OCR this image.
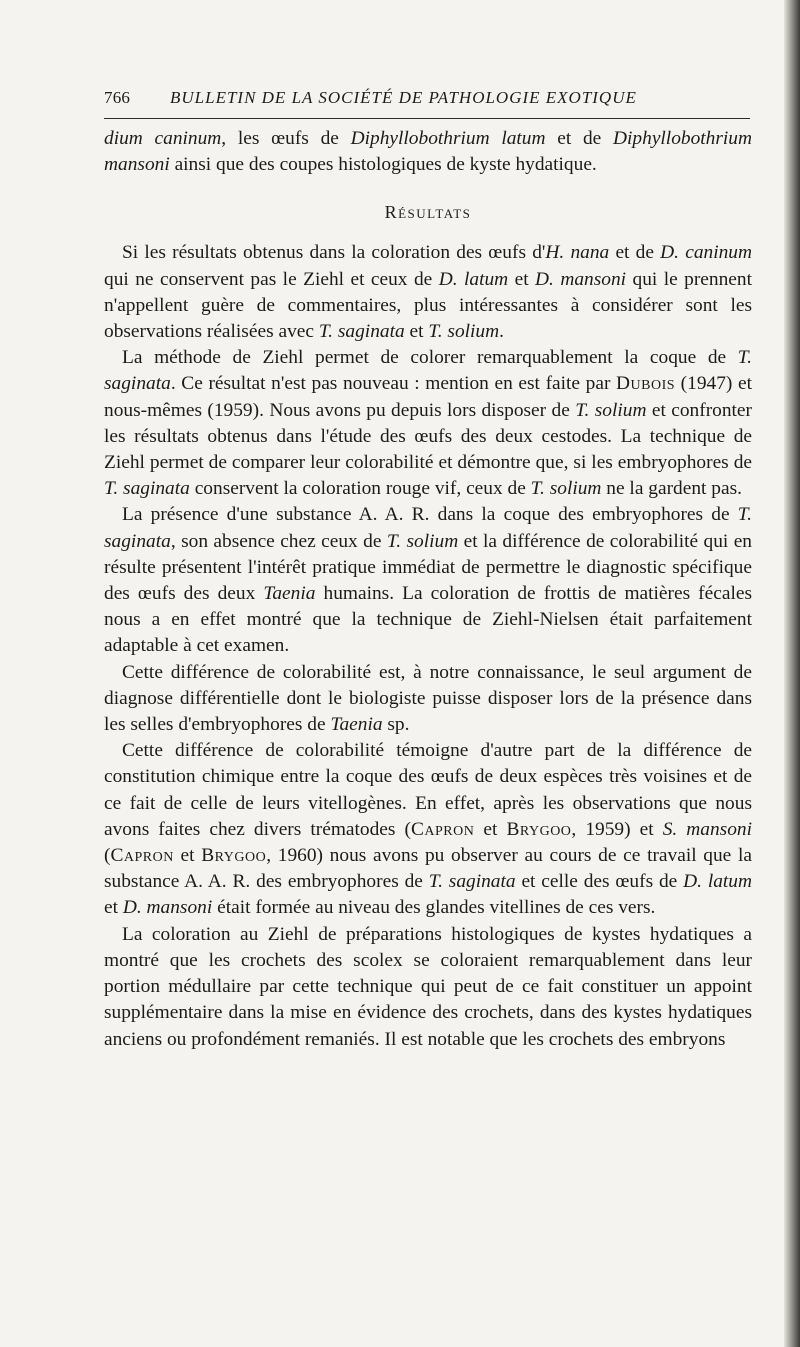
766	BULLETIN DE LA SOCIÉTÉ DE PATHOLOGIE EXOTIQUE

dium caninum, les œufs de Diphyllobothrium latum et de Diphyllobothrium mansoni ainsi que des coupes histologiques de kyste hydatique.

Résultats

Si les résultats obtenus dans la coloration des œufs d'H. nana et de D. caninum qui ne conservent pas le Ziehl et ceux de D. latum et D. mansoni qui le prennent n'appellent guère de commentaires, plus intéressantes à considérer sont les observations réalisées avec T. saginata et T. solium.

La méthode de Ziehl permet de colorer remarquablement la coque de T. saginata. Ce résultat n'est pas nouveau : mention en est faite par Dubois (1947) et nous-mêmes (1959). Nous avons pu depuis lors disposer de T. solium et confronter les résultats obtenus dans l'étude des œufs des deux cestodes. La technique de Ziehl permet de comparer leur colorabilité et démontre que, si les embryophores de T. saginata conservent la coloration rouge vif, ceux de T. solium ne la gardent pas.

La présence d'une substance A. A. R. dans la coque des embryophores de T. saginata, son absence chez ceux de T. solium et la différence de colorabilité qui en résulte présentent l'intérêt pratique immédiat de permettre le diagnostic spécifique des œufs des deux Taenia humains. La coloration de frottis de matières fécales nous a en effet montré que la technique de Ziehl-Nielsen était parfaitement adaptable à cet examen.

Cette différence de colorabilité est, à notre connaissance, le seul argument de diagnose différentielle dont le biologiste puisse disposer lors de la présence dans les selles d'embryophores de Taenia sp.

Cette différence de colorabilité témoigne d'autre part de la différence de constitution chimique entre la coque des œufs de deux espèces très voisines et de ce fait de celle de leurs vitellogènes. En effet, après les observations que nous avons faites chez divers trématodes (Capron et Brygoo, 1959) et S. mansoni (Capron et Brygoo, 1960) nous avons pu observer au cours de ce travail que la substance A. A. R. des embryophores de T. saginata et celle des œufs de D. latum et D. mansoni était formée au niveau des glandes vitellines de ces vers.

La coloration au Ziehl de préparations histologiques de kystes hydatiques a montré que les crochets des scolex se coloraient remarquablement dans leur portion médullaire par cette technique qui peut de ce fait constituer un appoint supplémentaire dans la mise en évidence des crochets, dans des kystes hydatiques anciens ou profondément remaniés. Il est notable que les crochets des embryons
